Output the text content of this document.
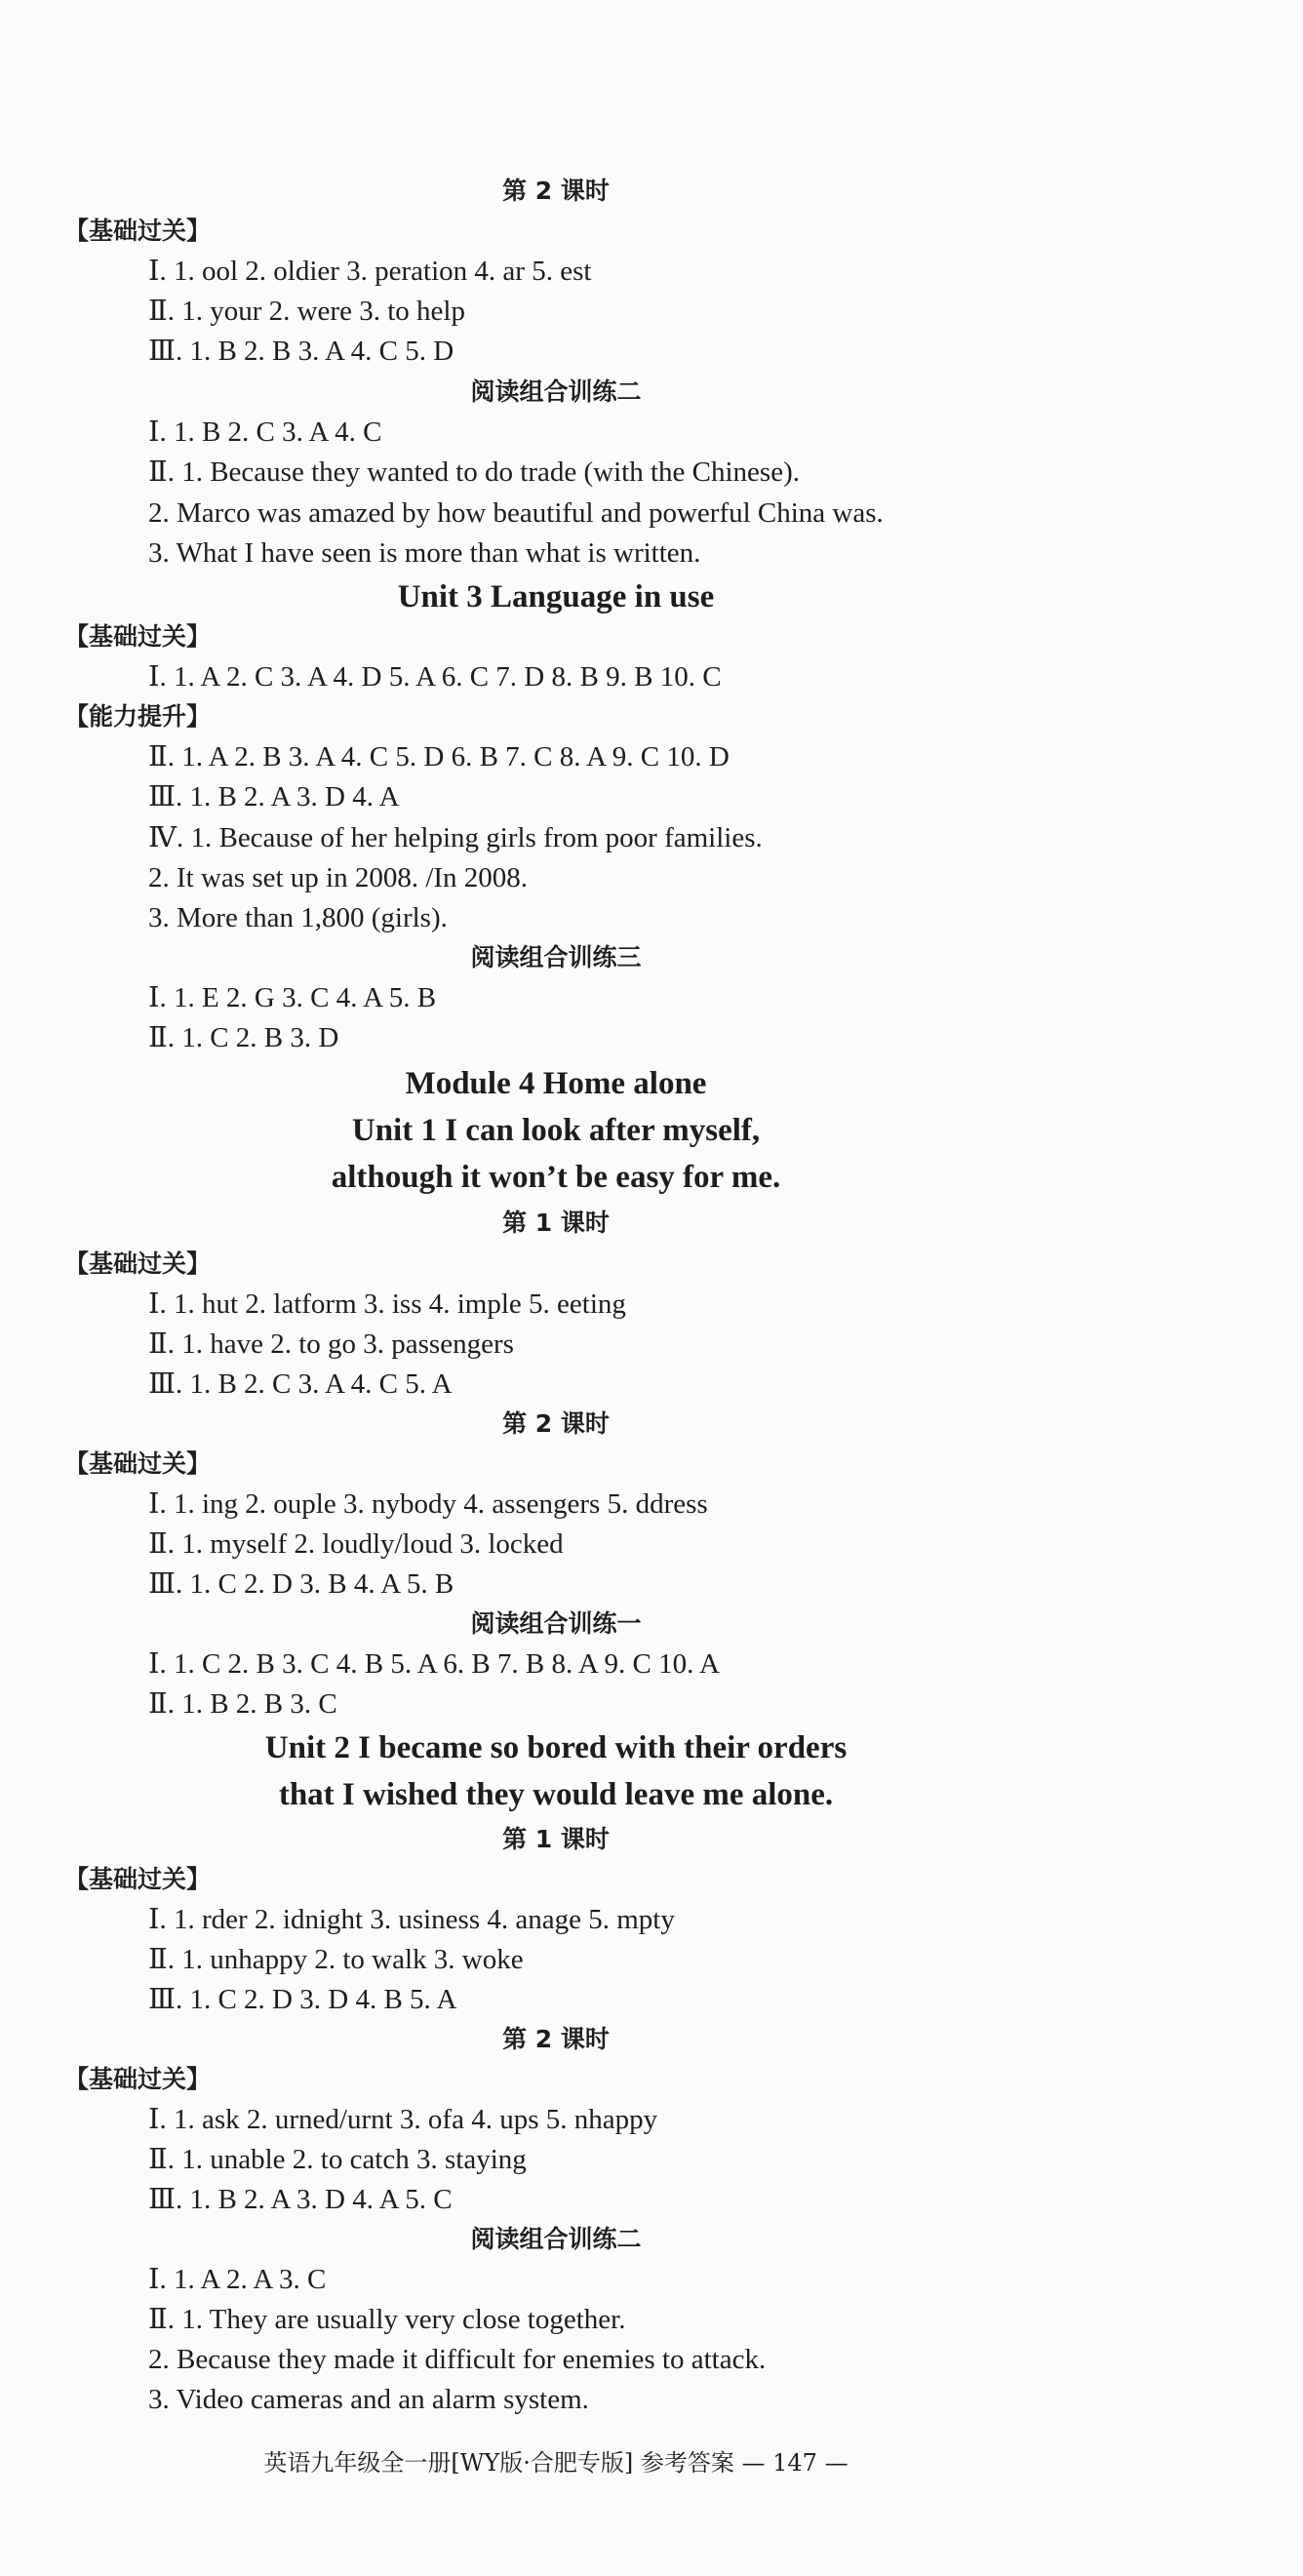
第 2 课时
【基础过关】
Ⅰ. 1. ool 2. oldier 3. peration 4. ar 5. est
Ⅱ. 1. your 2. were 3. to help
Ⅲ. 1. B 2. B 3. A 4. C 5. D
阅读组合训练二
Ⅰ. 1. B 2. C 3. A 4. C
Ⅱ. 1. Because they wanted to do trade (with the Chinese).
2. Marco was amazed by how beautiful and powerful China was.
3. What I have seen is more than what is written.
Unit 3 Language in use
【基础过关】
Ⅰ. 1. A 2. C 3. A 4. D 5. A 6. C 7. D 8. B 9. B 10. C
【能力提升】
Ⅱ. 1. A 2. B 3. A 4. C 5. D 6. B 7. C 8. A 9. C 10. D
Ⅲ. 1. B 2. A 3. D 4. A
Ⅳ. 1. Because of her helping girls from poor families.
2. It was set up in 2008. /In 2008.
3. More than 1,800 (girls).
阅读组合训练三
Ⅰ. 1. E 2. G 3. C 4. A 5. B
Ⅱ. 1. C 2. B 3. D
Module 4 Home alone
Unit 1 I can look after myself,
although it won’t be easy for me.
第 1 课时
【基础过关】
Ⅰ. 1. hut 2. latform 3. iss 4. imple 5. eeting
Ⅱ. 1. have 2. to go 3. passengers
Ⅲ. 1. B 2. C 3. A 4. C 5. A
第 2 课时
【基础过关】
Ⅰ. 1. ing 2. ouple 3. nybody 4. assengers 5. ddress
Ⅱ. 1. myself 2. loudly/loud 3. locked
Ⅲ. 1. C 2. D 3. B 4. A 5. B
阅读组合训练一
Ⅰ. 1. C 2. B 3. C 4. B 5. A 6. B 7. B 8. A 9. C 10. A
Ⅱ. 1. B 2. B 3. C
Unit 2 I became so bored with their orders
that I wished they would leave me alone.
第 1 课时
【基础过关】
Ⅰ. 1. rder 2. idnight 3. usiness 4. anage 5. mpty
Ⅱ. 1. unhappy 2. to walk 3. woke
Ⅲ. 1. C 2. D 3. D 4. B 5. A
第 2 课时
【基础过关】
Ⅰ. 1. ask 2. urned/urnt 3. ofa 4. ups 5. nhappy
Ⅱ. 1. unable 2. to catch 3. staying
Ⅲ. 1. B 2. A 3. D 4. A 5. C
阅读组合训练二
Ⅰ. 1. A 2. A 3. C
Ⅱ. 1. They are usually very close together.
2. Because they made it difficult for enemies to attack.
3. Video cameras and an alarm system.
英语九年级全一册[WY版·合肥专版] 参考答案 — 147 —
